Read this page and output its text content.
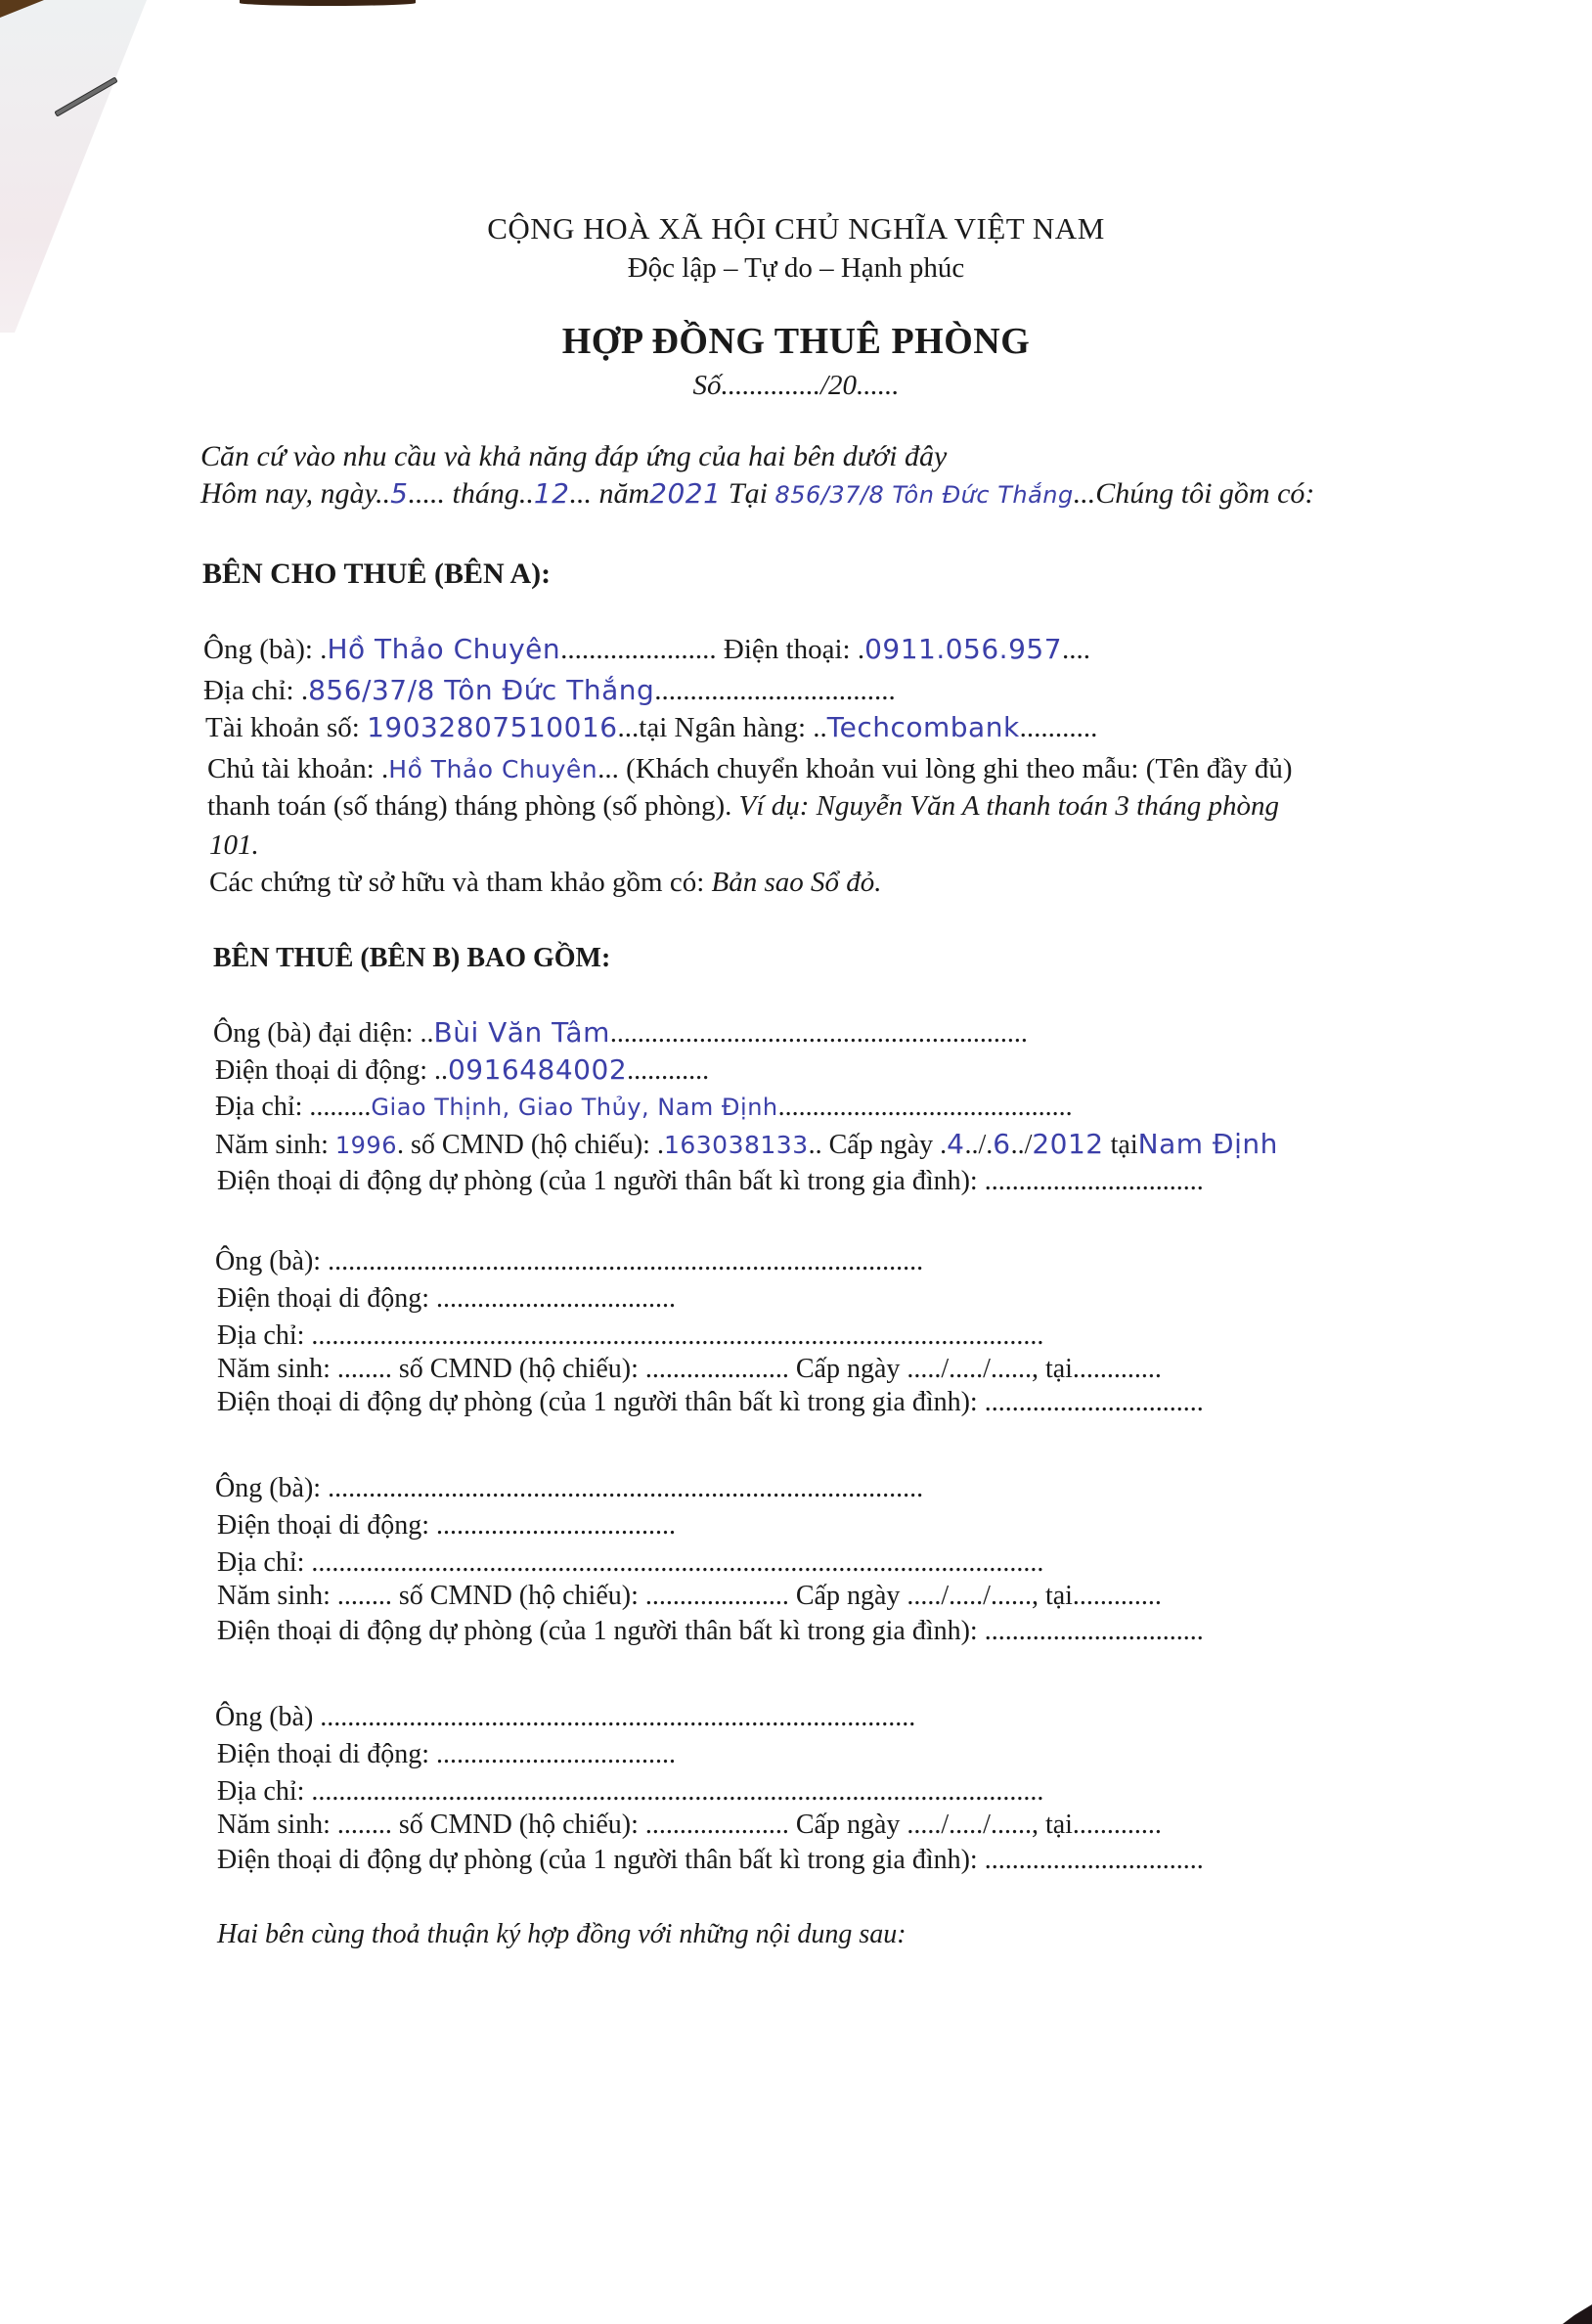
CỘNG HOÀ XÃ HỘI CHỦ NGHĨA VIỆT NAM
Độc lập – Tự do – Hạnh phúc
HỢP ĐỒNG THUÊ PHÒNG
Số............../20......
Căn cứ vào nhu cầu và khả năng đáp ứng của hai bên dưới đây
Hôm nay, ngày..5..... tháng..12... năm2021 Tại 856/37/8 Tôn Đức Thắng...Chúng tôi gồm có:
BÊN CHO THUÊ (BÊN A):
Ông (bà): .Hồ Thảo Chuyên...................... Điện thoại: .0911.056.957....
Địa chỉ: .856/37/8 Tôn Đức Thắng..................................
Tài khoản số: 19032807510016...tại Ngân hàng: ..Techcombank...........
Chủ tài khoản: .Hồ Thảo Chuyên... (Khách chuyển khoản vui lòng ghi theo mẫu: (Tên đầy đủ)
thanh toán (số tháng) tháng phòng (số phòng). Ví dụ: Nguyễn Văn A thanh toán 3 tháng phòng
101.
Các chứng từ sở hữu và tham khảo gồm có: Bản sao Sổ đỏ.
BÊN THUÊ (BÊN B) BAO GỒM:
Ông (bà) đại diện: ..Bùi Văn Tâm.............................................................
Điện thoại di động: ..0916484002............
Địa chỉ: .........Giao Thịnh, Giao Thủy, Nam Định...........................................
Năm sinh: 1996. số CMND (hộ chiếu): .163038133.. Cấp ngày .4../.6../2012 tạiNam Định
Điện thoại di động dự phòng (của 1 người thân bất kì trong gia đình): ................................
Ông (bà): .......................................................................................
Điện thoại di động: ...................................
Địa chỉ: ...........................................................................................................
Năm sinh: ........ số CMND (hộ chiếu): ..................... Cấp ngày ...../...../......, tại.............
Điện thoại di động dự phòng (của 1 người thân bất kì trong gia đình): ................................
Ông (bà): .......................................................................................
Điện thoại di động: ...................................
Địa chỉ: ...........................................................................................................
Năm sinh: ........ số CMND (hộ chiếu): ..................... Cấp ngày ...../...../......, tại.............
Điện thoại di động dự phòng (của 1 người thân bất kì trong gia đình): ................................
Ông (bà) .......................................................................................
Điện thoại di động: ...................................
Địa chỉ: ...........................................................................................................
Năm sinh: ........ số CMND (hộ chiếu): ..................... Cấp ngày ...../...../......, tại.............
Điện thoại di động dự phòng (của 1 người thân bất kì trong gia đình): ................................
Hai bên cùng thoả thuận ký hợp đồng với những nội dung sau:
